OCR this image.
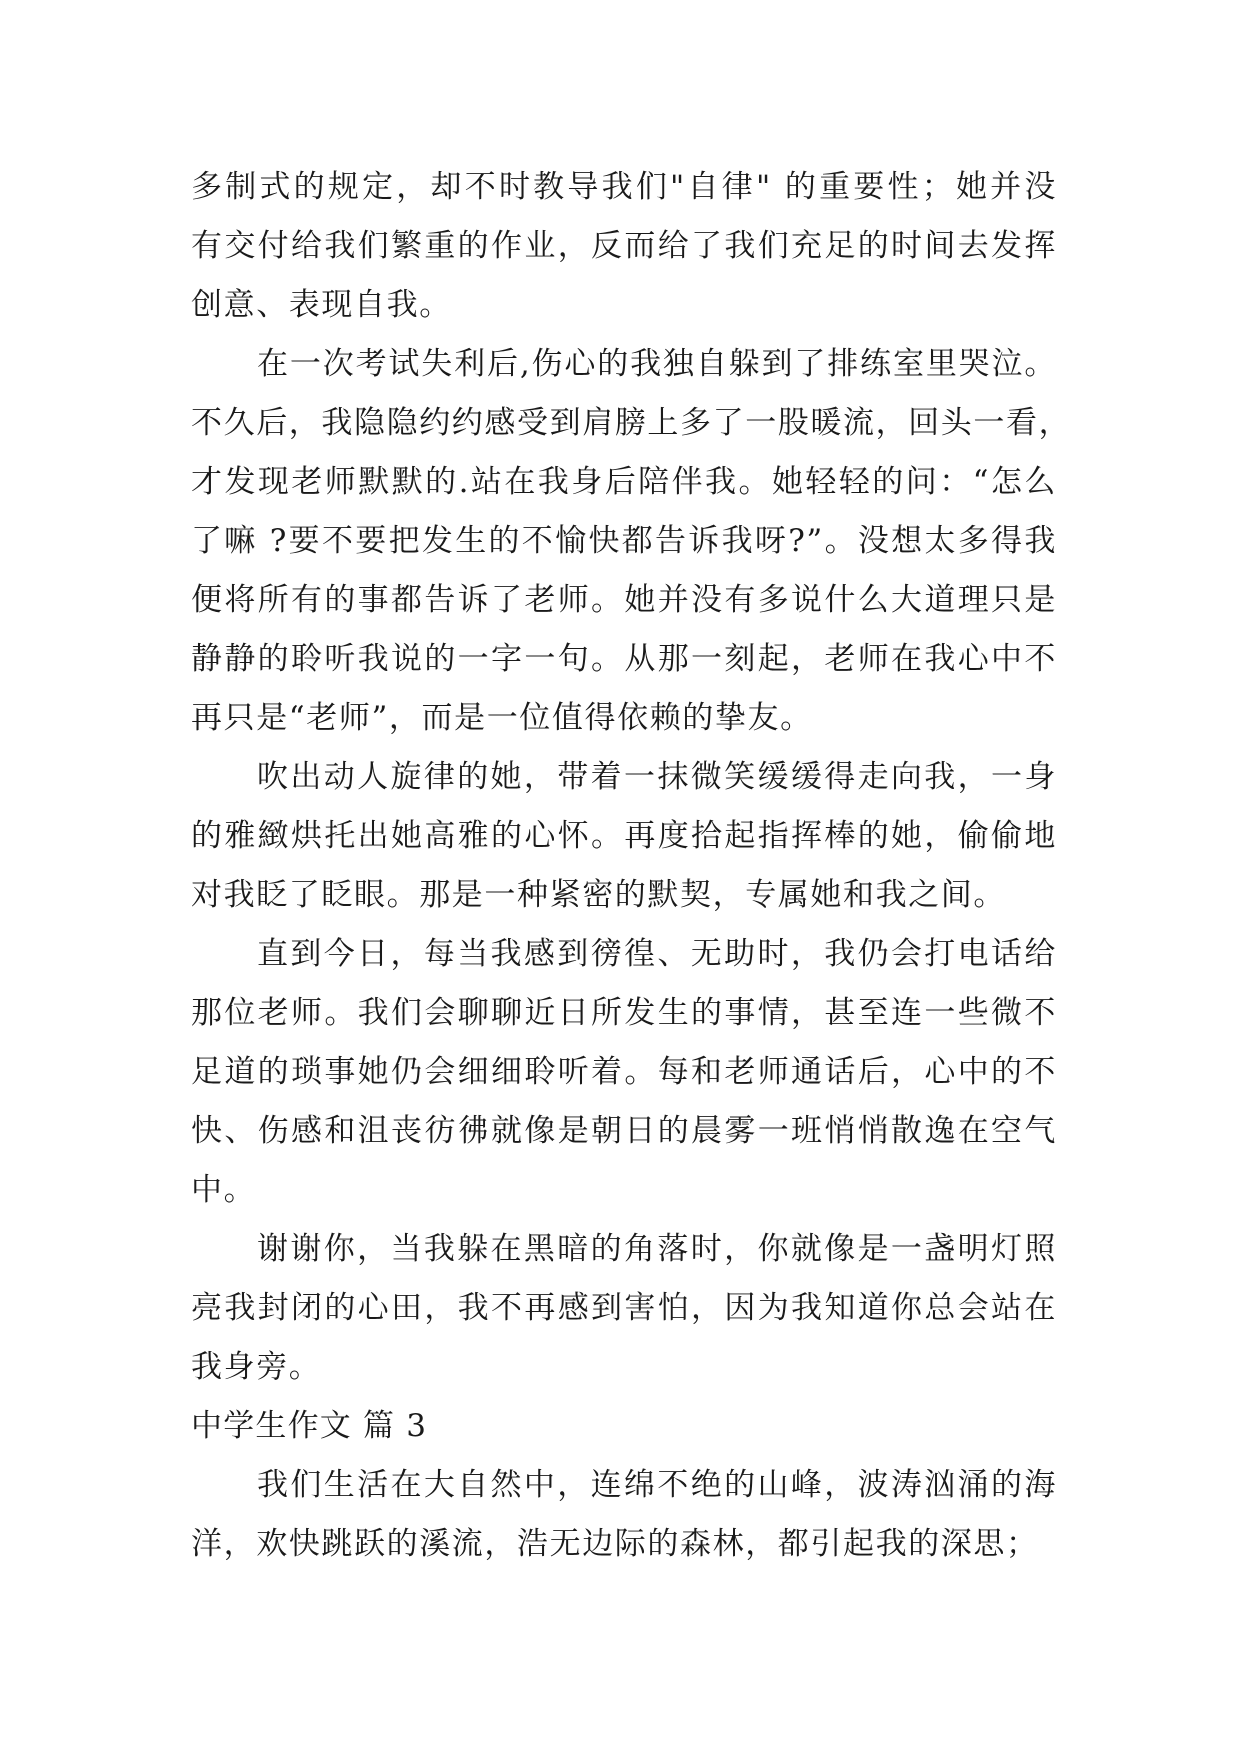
多制式的规定，却不时教导我们"自律" 的重要性；她并没
有交付给我们繁重的作业，反而给了我们充足的时间去发挥
创意、表现自我。
在一次考试失利后,伤心的我独自躲到了排练室里哭泣。
不久后，我隐隐约约感受到肩膀上多了一股暖流，回头一看，
才发现老师默默的.站在我身后陪伴我。她轻轻的问：“怎么
了嘛 ?要不要把发生的不愉快都告诉我呀?”。没想太多得我
便将所有的事都告诉了老师。她并没有多说什么大道理只是
静静的聆听我说的一字一句。从那一刻起，老师在我心中不
再只是“老师”，而是一位值得依赖的挚友。
吹出动人旋律的她，带着一抹微笑缓缓得走向我，一身
的雅緻烘托出她高雅的心怀。再度拾起指挥棒的她，偷偷地
对我眨了眨眼。那是一种紧密的默契，专属她和我之间。
直到今日，每当我感到徬徨、无助时，我仍会打电话给
那位老师。我们会聊聊近日所发生的事情，甚至连一些微不
足道的琐事她仍会细细聆听着。每和老师通话后，心中的不
快、伤感和沮丧彷彿就像是朝日的晨雾一班悄悄散逸在空气
中。
谢谢你，当我躲在黑暗的角落时，你就像是一盏明灯照
亮我封闭的心田，我不再感到害怕，因为我知道你总会站在
我身旁。
中学生作文 篇 3
我们生活在大自然中，连绵不绝的山峰，波涛汹涌的海
洋，欢快跳跃的溪流，浩无边际的森林，都引起我的深思；
